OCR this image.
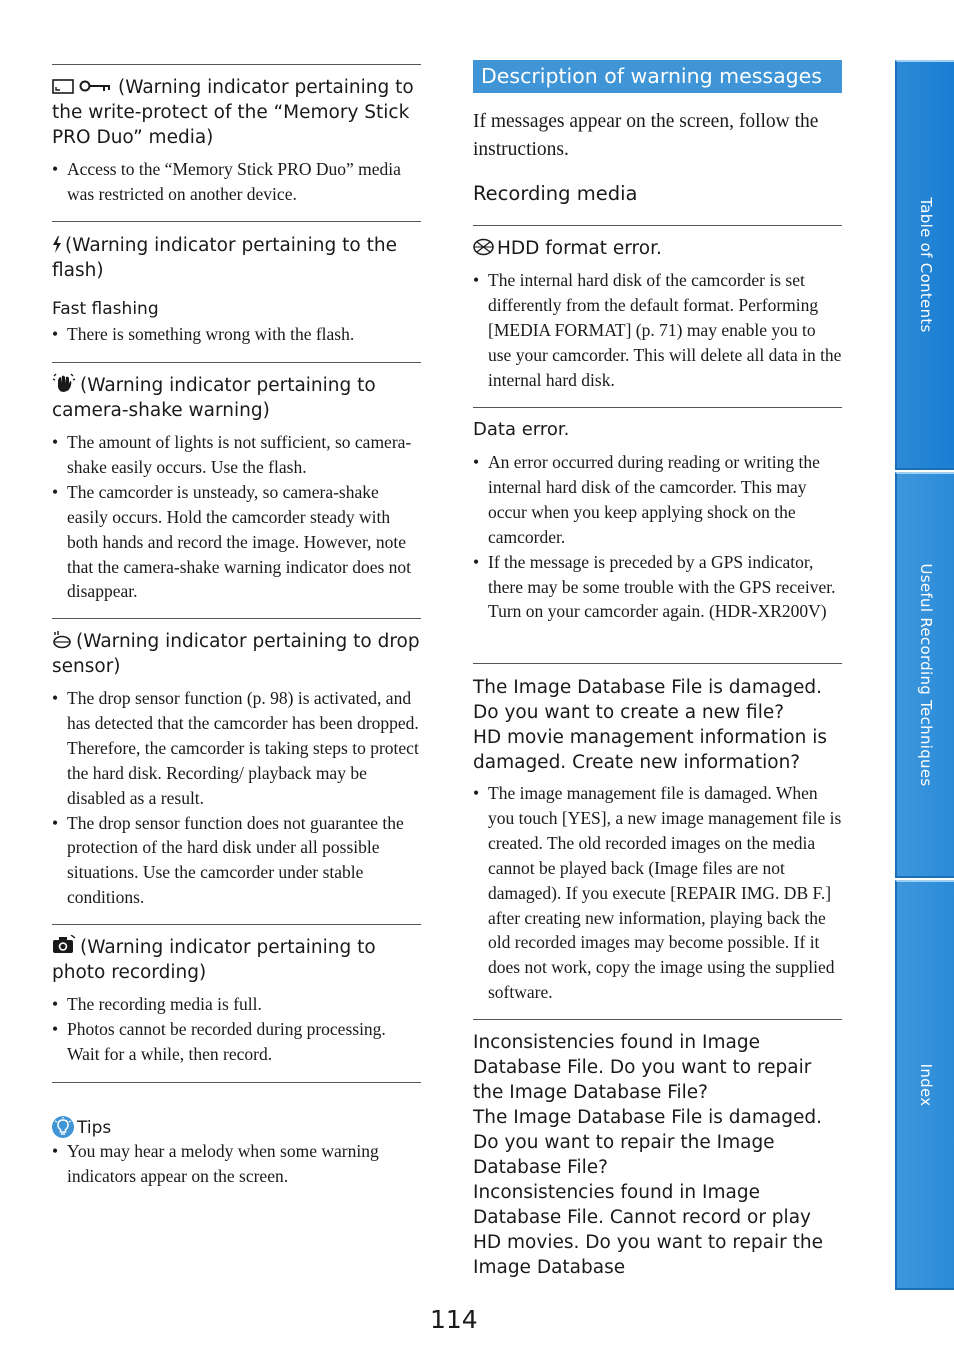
(Warning indicator pertaining to the write-protect of the “Memory Stick PRO Duo” media)
• Access to the “Memory Stick PRO Duo” media was restricted on another device.
(Warning indicator pertaining to the flash)
Fast flashing
• There is something wrong with the flash.
(Warning indicator pertaining to camera-shake warning)
• The amount of lights is not sufficient, so camera-shake easily occurs. Use the flash.
• The camcorder is unsteady, so camera-shake easily occurs. Hold the camcorder steady with both hands and record the image. However, note that the camera-shake warning indicator does not disappear.
(Warning indicator pertaining to drop sensor)
• The drop sensor function (p. 98) is activated, and has detected that the camcorder has been dropped. Therefore, the camcorder is taking steps to protect the hard disk. Recording/ playback may be disabled as a result.
• The drop sensor function does not guarantee the protection of the hard disk under all possible situations. Use the camcorder under stable conditions.
(Warning indicator pertaining to photo recording)
• The recording media is full.
• Photos cannot be recorded during processing. Wait for a while, then record.
Tips
• You may hear a melody when some warning indicators appear on the screen.
Description of warning messages
If messages appear on the screen, follow the instructions.
Recording media
HDD format error.
• The internal hard disk of the camcorder is set differently from the default format. Performing [MEDIA FORMAT] (p. 71) may enable you to use your camcorder. This will delete all data in the internal hard disk.
Data error.
• An error occurred during reading or writing the internal hard disk of the camcorder. This may occur when you keep applying shock on the camcorder.
• If the message is preceded by a GPS indicator, there may be some trouble with the GPS receiver. Turn on your camcorder again. (HDR-XR200V)
The Image Database File is damaged. Do you want to create a new file?
HD movie management information is damaged. Create new information?
• The image management file is damaged. When you touch [YES], a new image management file is created. The old recorded images on the media cannot be played back (Image files are not damaged). If you execute [REPAIR IMG. DB F.] after creating new information, playing back the old recorded images may become possible. If it does not work, copy the image using the supplied software.
Inconsistencies found in Image Database File. Do you want to repair the Image Database File?
The Image Database File is damaged. Do you want to repair the Image Database File?
Inconsistencies found in Image Database File. Cannot record or play HD movies. Do you want to repair the Image Database
114
Table of Contents
Useful Recording Techniques
Index
